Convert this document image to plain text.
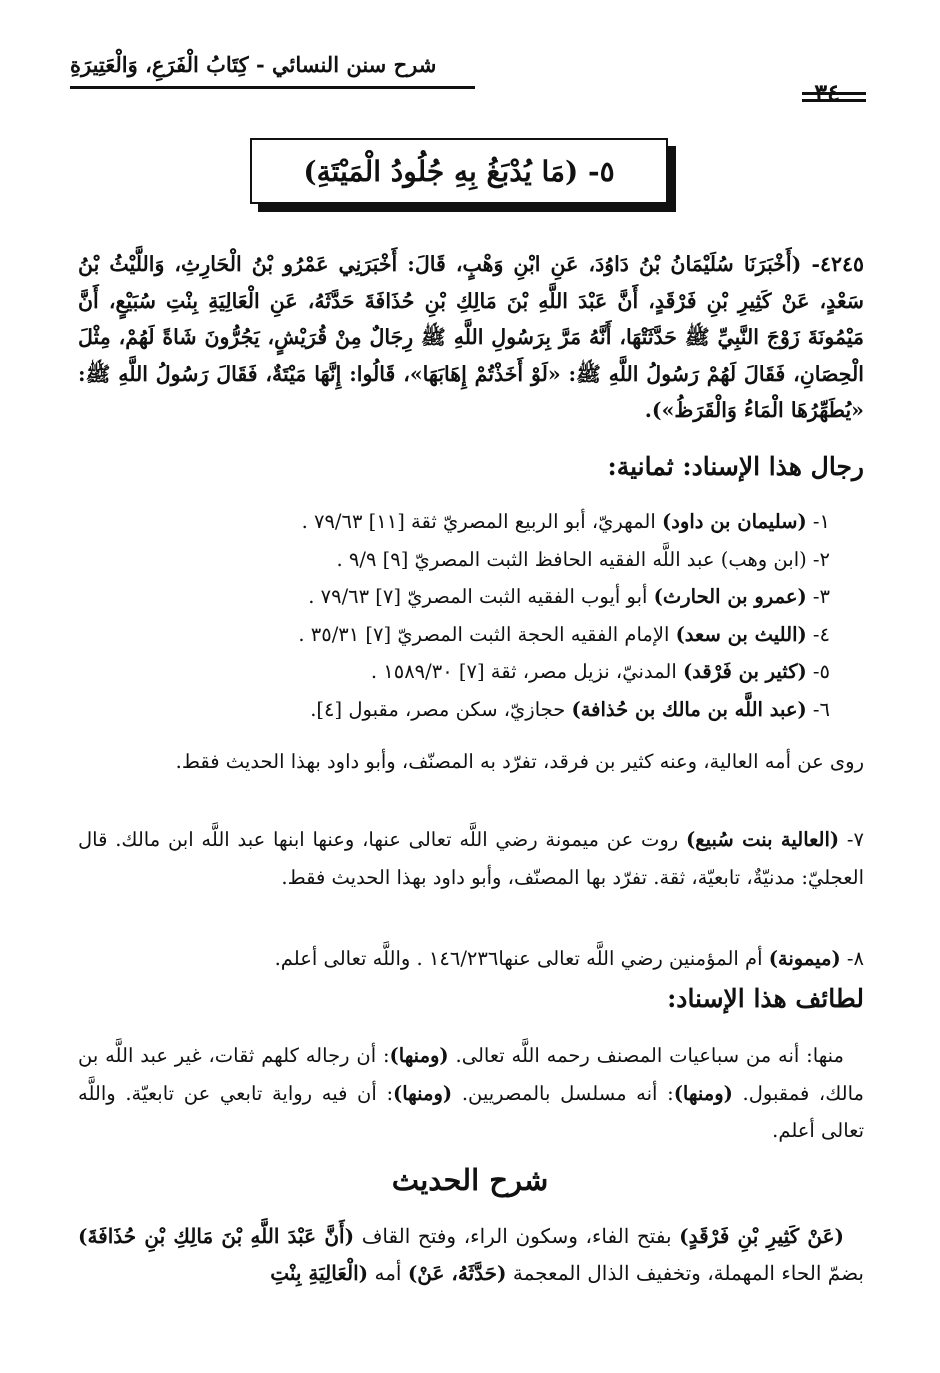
شرح سنن النسائي - كِتَابُ الْفَرَعِ، وَالْعَتِيرَةِ
٣٤
٥- (مَا يُدْبَغُ بِهِ جُلُودُ الْمَيْتَةِ)
٤٢٤٥- (أَخْبَرَنَا سُلَيْمَانُ بْنُ دَاوُدَ، عَنِ ابْنِ وَهْبٍ، قَالَ: أَخْبَرَنِي عَمْرُو بْنُ الْحَارِثِ، وَاللَّيْثُ بْنُ سَعْدٍ، عَنْ كَثِيرِ بْنِ فَرْقَدٍ، أَنَّ عَبْدَ اللَّهِ بْنَ مَالِكِ بْنِ حُذَافَةَ حَدَّثَهُ، عَنِ الْعَالِيَةِ بِنْتِ سُبَيْعٍ، أَنَّ مَيْمُونَةَ زَوْجَ النَّبِيِّ ﷺ حَدَّثَتْهَا، أَنَّهُ مَرَّ بِرَسُولِ اللَّهِ ﷺ رِجَالٌ مِنْ قُرَيْشٍ، يَجُرُّونَ شَاةً لَهُمْ، مِثْلَ الْحِصَانِ، فَقَالَ لَهُمْ رَسُولُ اللَّهِ ﷺ: «لَوْ أَخَذْتُمْ إِهَابَهَا»، قَالُوا: إِنَّهَا مَيْتَةٌ، فَقَالَ رَسُولُ اللَّهِ ﷺ: «يُطَهِّرُهَا الْمَاءُ وَالْقَرَظُ»).
رجال هذا الإسناد: ثمانية:
١- (سليمان بن داود) المهريّ، أبو الربيع المصريّ ثقة [١١] ٧٩/٦٣ .
٢- (ابن وهب) عبد اللَّه الفقيه الحافظ الثبت المصريّ [٩] ٩/٩ .
٣- (عمرو بن الحارث) أبو أيوب الفقيه الثبت المصريّ [٧] ٧٩/٦٣ .
٤- (الليث بن سعد) الإمام الفقيه الحجة الثبت المصريّ [٧] ٣٥/٣١ .
٥- (كثير بن فَرْقد) المدنيّ، نزيل مصر، ثقة [٧] ١٥٨٩/٣٠ .
٦- (عبد اللَّه بن مالك بن حُذافة) حجازيّ، سكن مصر، مقبول [٤].
روى عن أمه العالية، وعنه كثير بن فرقد، تفرّد به المصنّف، وأبو داود بهذا الحديث فقط.
٧- (العالية بنت سُبيع) روت عن ميمونة رضي اللَّه تعالى عنها، وعنها ابنها عبد اللَّه ابن مالك. قال العجليّ: مدنيّةٌ، تابعيّة، ثقة. تفرّد بها المصنّف، وأبو داود بهذا الحديث فقط.
٨- (ميمونة) أم المؤمنين رضي اللَّه تعالى عنها١٤٦/٢٣٦ . واللَّه تعالى أعلم.
لطائف هذا الإسناد:
منها: أنه من سباعيات المصنف رحمه اللَّه تعالى. (ومنها): أن رجاله كلهم ثقات، غير عبد اللَّه بن مالك، فمقبول. (ومنها): أنه مسلسل بالمصريين. (ومنها): أن فيه رواية تابعي عن تابعيّة. واللَّه تعالى أعلم.
شرح الحديث
(عَنْ كَثِيرِ بْنِ فَرْقَدٍ) بفتح الفاء، وسكون الراء، وفتح القاف (أَنَّ عَبْدَ اللَّهِ بْنَ مَالِكِ بْنِ حُذَافَةَ) بضمّ الحاء المهملة، وتخفيف الذال المعجمة (حَدَّثَهُ، عَنْ) أمه (الْعَالِيَةِ بِنْتِ
